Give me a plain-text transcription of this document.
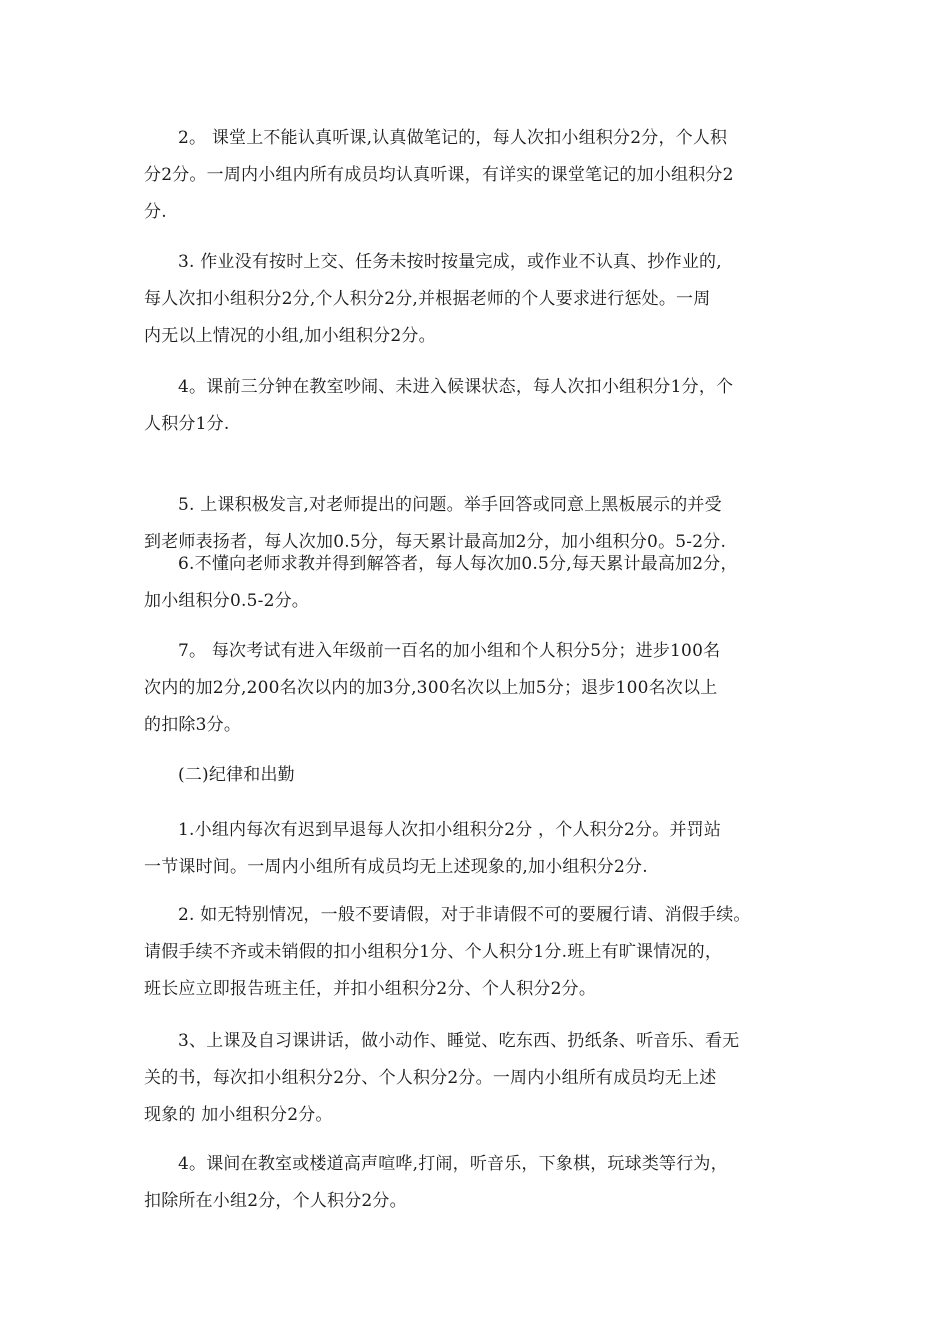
2。 课堂上不能认真听课,认真做笔记的，每人次扣小组积分2分，个人积
分2分。一周内小组内所有成员均认真听课，有详实的课堂笔记的加小组积分2
分.
3. 作业没有按时上交、任务未按时按量完成，或作业不认真、抄作业的,
每人次扣小组积分2分,个人积分2分,并根据老师的个人要求进行惩处。一周
内无以上情况的小组,加小组积分2分。
4。课前三分钟在教室吵闹、未进入候课状态，每人次扣小组积分1分，个
人积分1分.
5. 上课积极发言,对老师提出的问题。举手回答或同意上黑板展示的并受
到老师表扬者，每人次加0.5分，每天累计最高加2分，加小组积分0。5-2分.
6.不懂向老师求教并得到解答者，每人每次加0.5分,每天累计最高加2分，
加小组积分0.5-2分。
7。 每次考试有进入年级前一百名的加小组和个人积分5分；进步100名
次内的加2分,200名次以内的加3分,300名次以上加5分；退步100名次以上
的扣除3分。
(二)纪律和出勤
1.小组内每次有迟到早退每人次扣小组积分2分 ，个人积分2分。并罚站
一节课时间。一周内小组所有成员均无上述现象的,加小组积分2分.
2. 如无特别情况，一般不要请假，对于非请假不可的要履行请、消假手续。
请假手续不齐或未销假的扣小组积分1分、个人积分1分.班上有旷课情况的，
班长应立即报告班主任，并扣小组积分2分、个人积分2分。
3、上课及自习课讲话，做小动作、睡觉、吃东西、扔纸条、听音乐、看无
关的书，每次扣小组积分2分、个人积分2分。一周内小组所有成员均无上述
现象的 加小组积分2分。
4。课间在教室或楼道高声喧哗,打闹，听音乐，下象棋，玩球类等行为，
扣除所在小组2分，个人积分2分。
